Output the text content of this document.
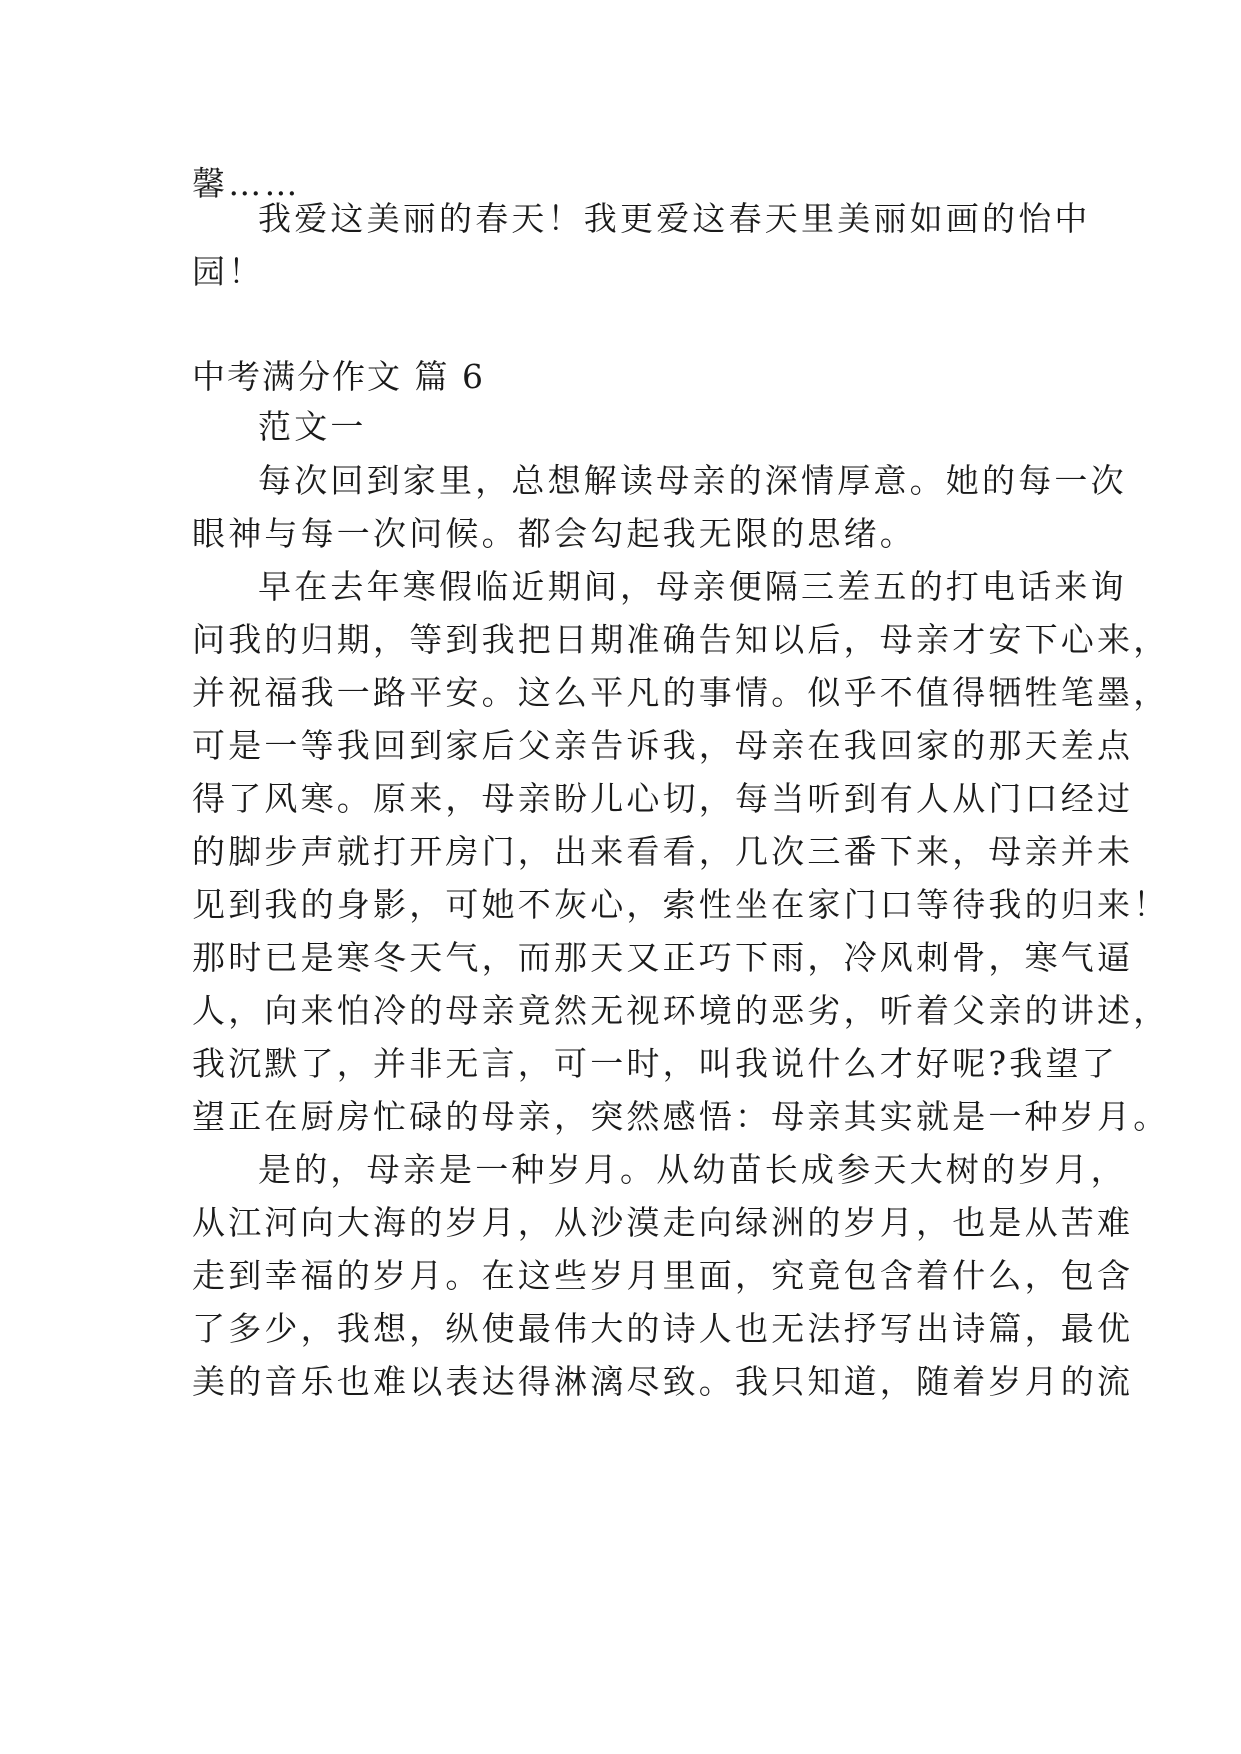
馨……
我爱这美丽的春天！我更爱这春天里美丽如画的怡中
园！
中考满分作文 篇 6
范文一
每次回到家里，总想解读母亲的深情厚意。她的每一次
眼神与每一次问候。都会勾起我无限的思绪。
早在去年寒假临近期间，母亲便隔三差五的打电话来询
问我的归期，等到我把日期准确告知以后，母亲才安下心来，
并祝福我一路平安。这么平凡的事情。似乎不值得牺牲笔墨，
可是一等我回到家后父亲告诉我，母亲在我回家的那天差点
得了风寒。原来，母亲盼儿心切，每当听到有人从门口经过
的脚步声就打开房门，出来看看，几次三番下来，母亲并未
见到我的身影，可她不灰心，索性坐在家门口等待我的归来！
那时已是寒冬天气，而那天又正巧下雨，冷风刺骨，寒气逼
人，向来怕冷的母亲竟然无视环境的恶劣，听着父亲的讲述，
我沉默了，并非无言，可一时，叫我说什么才好呢?我望了
望正在厨房忙碌的母亲，突然感悟：母亲其实就是一种岁月。
是的，母亲是一种岁月。从幼苗长成参天大树的岁月，
从江河向大海的岁月，从沙漠走向绿洲的岁月，也是从苦难
走到幸福的岁月。在这些岁月里面，究竟包含着什么，包含
了多少，我想，纵使最伟大的诗人也无法抒写出诗篇，最优
美的音乐也难以表达得淋漓尽致。我只知道，随着岁月的流
